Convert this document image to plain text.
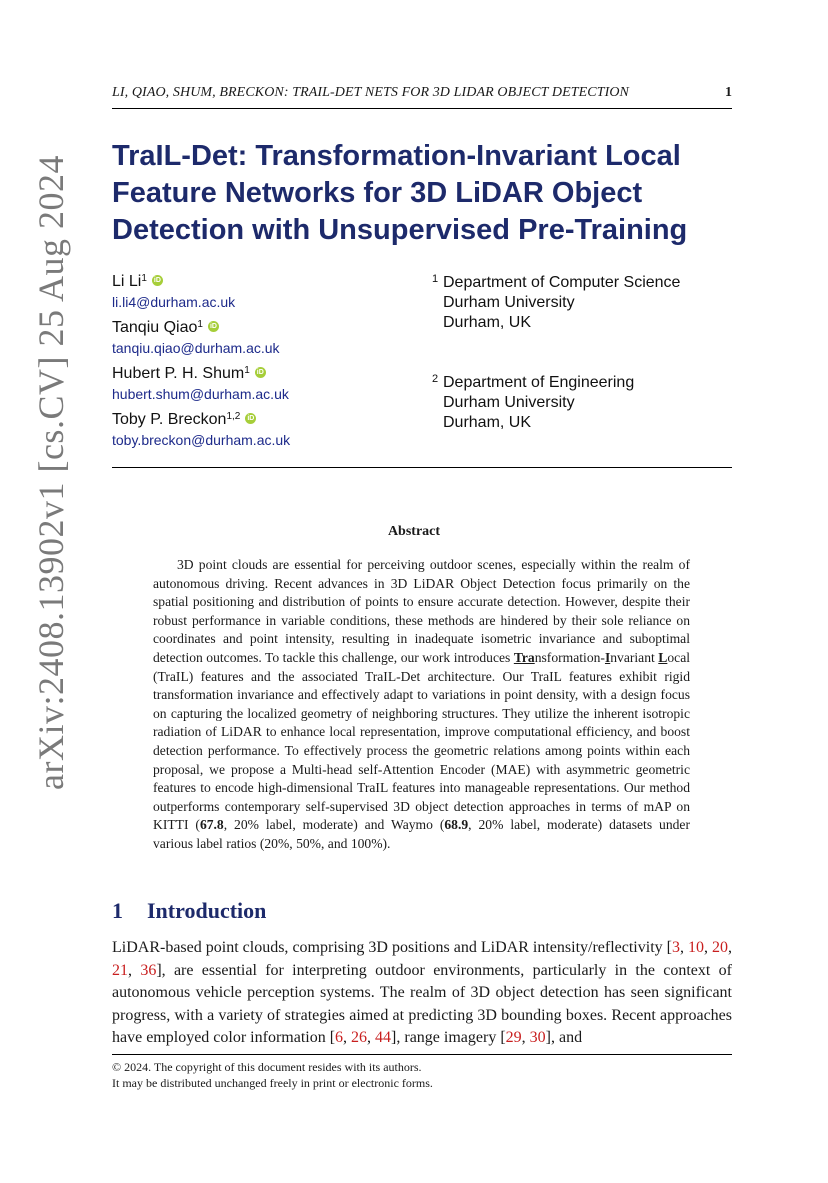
arXiv:2408.13902v1 [cs.CV] 25 Aug 2024
LI, QIAO, SHUM, BRECKON: TRAIL-DET NETS FOR 3D LIDAR OBJECT DETECTION	1
TraIL-Det: Transformation-Invariant Local
Feature Networks for 3D LiDAR Object
Detection with Unsupervised Pre-Training
Li Li$^1$ iD
li.li4@durham.ac.uk
Tanqiu Qiao$^1$ iD
tanqiu.qiao@durham.ac.uk
Hubert P. H. Shum$^1$ iD
hubert.shum@durham.ac.uk
Toby P. Breckon$^{1,2}$ iD
toby.breckon@durham.ac.uk
1 Department of Computer Science
Durham University
Durham, UK
2 Department of Engineering
Durham University
Durham, UK
Abstract

3D point clouds are essential for perceiving outdoor scenes, especially within the realm of autonomous driving. Recent advances in 3D LiDAR Object Detection focus primarily on the spatial positioning and distribution of points to ensure accurate detection. However, despite their robust performance in variable conditions, these methods are hindered by their sole reliance on coordinates and point intensity, resulting in inadequate isometric invariance and suboptimal detection outcomes. To tackle this challenge, our work introduces Transformation-Invariant Local (TraIL) features and the associated TraIL-Det architecture. Our TraIL features exhibit rigid transformation invariance and effectively adapt to variations in point density, with a design focus on capturing the localized geometry of neighboring structures. They utilize the inherent isotropic radiation of LiDAR to enhance local representation, improve computational efficiency, and boost detection performance. To effectively process the geometric relations among points within each proposal, we propose a Multi-head self-Attention Encoder (MAE) with asymmetric geometric features to encode high-dimensional TraIL features into manageable representations. Our method outperforms contemporary self-supervised 3D object detection approaches in terms of mAP on KITTI (67.8, 20% label, moderate) and Waymo (68.9, 20% label, moderate) datasets under various label ratios (20%, 50%, and 100%).

1 Introduction

LiDAR-based point clouds, comprising 3D positions and LiDAR intensity/reflectivity [3, 10, 20, 21, 36], are essential for interpreting outdoor environments, particularly in the context of autonomous vehicle perception systems. The realm of 3D object detection has seen significant progress, with a variety of strategies aimed at predicting 3D bounding boxes. Recent approaches have employed color information [6, 26, 44], range imagery [29, 30], and

© 2024. The copyright of this document resides with its authors.
It may be distributed unchanged freely in print or electronic forms.
